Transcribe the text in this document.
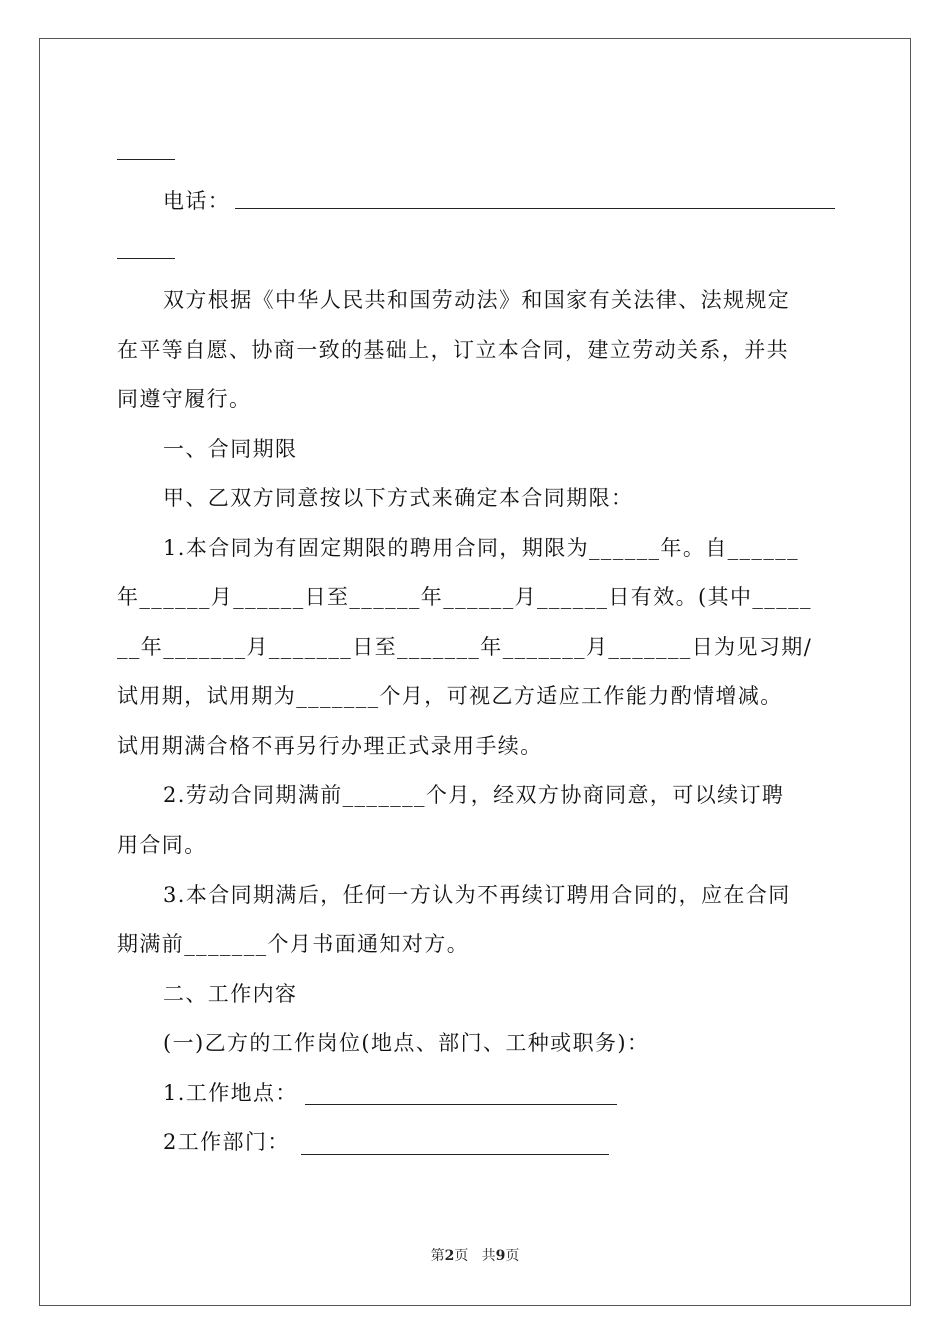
电话：
双方根据《中华人民共和国劳动法》和国家有关法律、法规规定
在平等自愿、协商一致的基础上，订立本合同，建立劳动关系，并共
同遵守履行。
一、合同期限
甲、乙双方同意按以下方式来确定本合同期限：
1.本合同为有固定期限的聘用合同，期限为______年。自______
年______月______日至______年______月______日有效。(其中_____
__年_______月_______日至_______年_______月_______日为见习期/
试用期，试用期为_______个月，可视乙方适应工作能力酌情增减。
试用期满合格不再另行办理正式录用手续。
2.劳动合同期满前_______个月，经双方协商同意，可以续订聘
用合同。
3.本合同期满后，任何一方认为不再续订聘用合同的，应在合同
期满前_______个月书面通知对方。
二、工作内容
(一)乙方的工作岗位(地点、部门、工种或职务)：
1.工作地点：
2工作部门：
第2页   共9页
